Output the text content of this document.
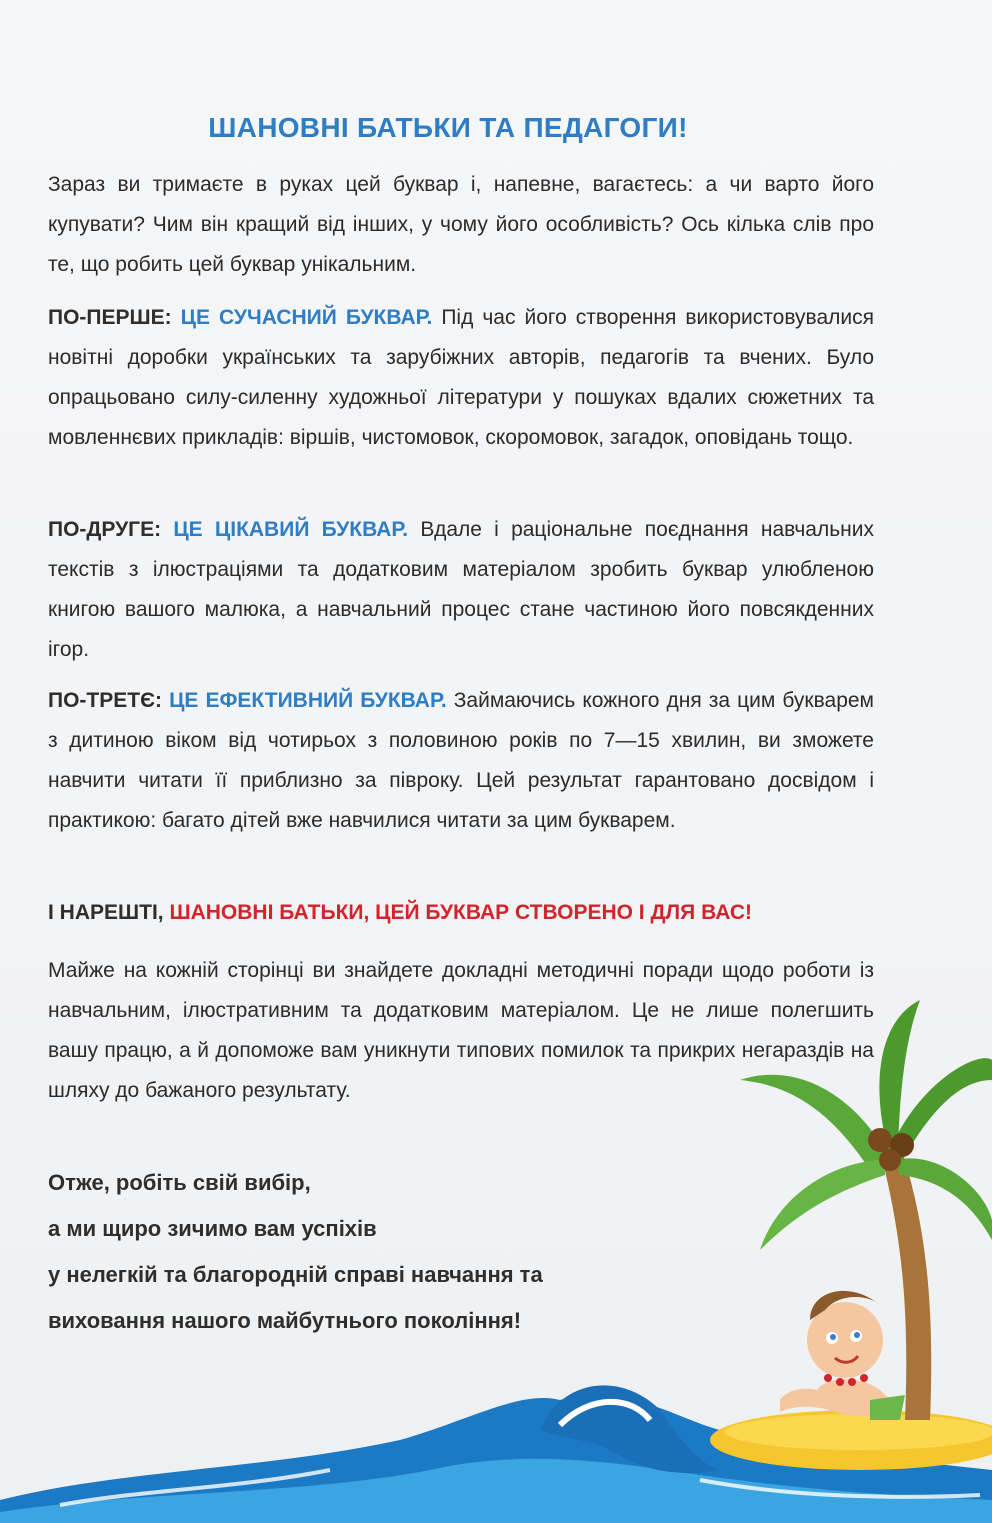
ШАНОВНІ БАТЬКИ ТА ПЕДАГОГИ!

Зараз ви тримаєте в руках цей буквар і, напевне, вагаєтесь: а чи варто його купувати? Чим він кращий від інших, у чому його особливість? Ось кілька слів про те, що робить цей буквар унікальним.

ПО-ПЕРШЕ: ЦЕ СУЧАСНИЙ БУКВАР. Під час його створення використовувалися новітні доробки українських та зарубіжних авторів, педагогів та вчених. Було опрацьовано силу-силенну художньої літератури у пошуках вдалих сюжетних та мовленнєвих прикладів: віршів, чистомовок, скоромовок, загадок, оповідань тощо.

ПО-ДРУГЕ: ЦЕ ЦІКАВИЙ БУКВАР. Вдале і раціональне поєднання навчальних текстів з ілюстраціями та додатковим матеріалом зробить буквар улюбленою книгою вашого малюка, а навчальний процес стане частиною його повсякденних ігор.

ПО-ТРЕТЄ: ЦЕ ЕФЕКТИВНИЙ БУКВАР. Займаючись кожного дня за цим букварем з дитиною віком від чотирьох з половиною років по 7—15 хвилин, ви зможете навчити читати її приблизно за півроку. Цей результат гарантовано досвідом і практикою: багато дітей вже навчилися читати за цим букварем.

І НАРЕШТІ, ШАНОВНІ БАТЬКИ, ЦЕЙ БУКВАР СТВОРЕНО І ДЛЯ ВАС!

Майже на кожній сторінці ви знайдете докладні методичні поради щодо роботи із навчальним, ілюстративним та додатковим матеріалом. Це не лише полегшить вашу працю, а й допоможе вам уникнути типових помилок та прикрих негараздів на шляху до бажаного результату.

Отже, робіть свій вибір,
а ми щиро зичимо вам успіхів
у нелегкій та благородній справі навчання та
виховання нашого майбутнього покоління!
